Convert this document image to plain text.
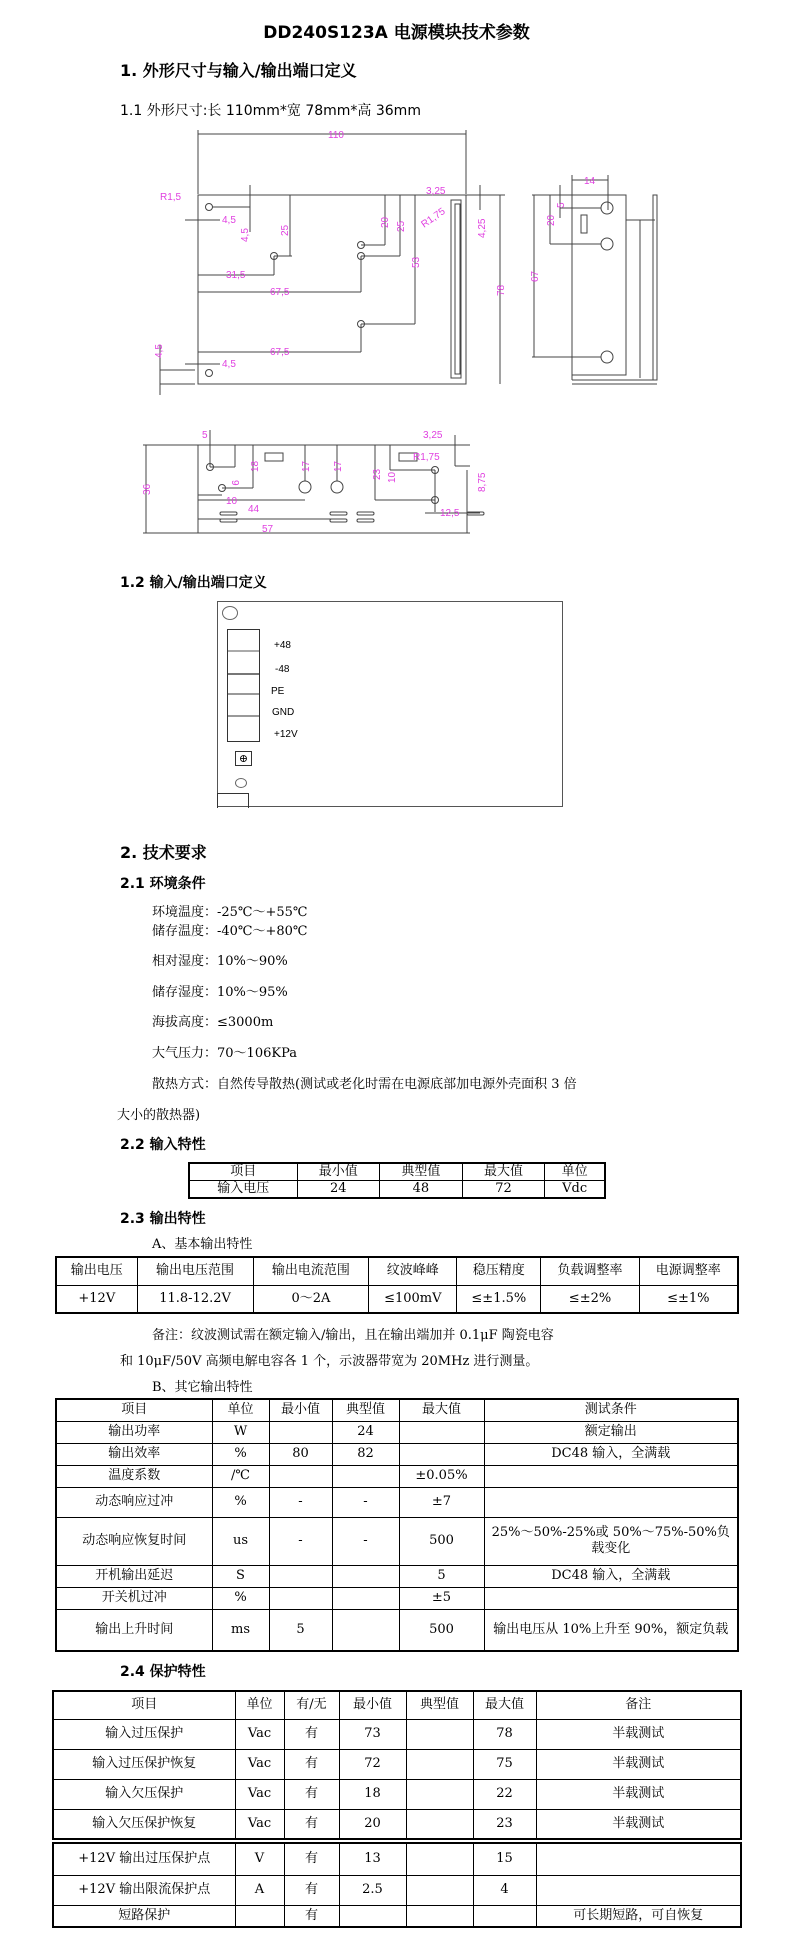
DD240S123A 电源模块技术参数
1. 外形尺寸与输入/输出端口定义
1.1 外形尺寸:长 110mm*宽 78mm*高 36mm
110
R1,5
4,5
4,5	25
31,5
67,5
67,5
4,5
4,5
20 25
53
3,25
R1,75	4,25
78
14
5
20
67
5
36
9
18
10
44
57
17 17
23 10
3,25
R1,75
8,75
12,5
1.2 输入/输出端口定义
+48
-48
PE
GND
+12V
⊕
2. 技术要求
2.1 环境条件
环境温度：-25℃～+55℃
储存温度：-40℃～+80℃
相对湿度：10%～90%
储存湿度：10%～95%
海拔高度：≤3000m
大气压力：70～106KPa
散热方式：自然传导散热(测试或老化时需在电源底部加电源外壳面积 3 倍
大小的散热器)
2.2 输入特性
项目	最小值	典型值	最大值	单位
输入电压	24	48	72	Vdc
2.3 输出特性
A、基本输出特性
输出电压	输出电压范围	输出电流范围	纹波峰峰	稳压精度	负载调整率	电源调整率
+12V	11.8-12.2V	0～2A	≤100mV	≤±1.5%	≤±2%	≤±1%
备注：纹波测试需在额定输入/输出，且在输出端加并 0.1μF 陶瓷电容
和 10μF/50V 高频电解电容各 1 个，示波器带宽为 20MHz 进行测量。
B、其它输出特性
项目	单位	最小值	典型值	最大值	测试条件
输出功率	W		24		额定输出
输出效率	%	80	82		DC48 输入，全满载
温度系数	/℃			±0.05%	
动态响应过冲	%	-	-	±7	
动态响应恢复时间	us	-	-	500	25%～50%-25%或 50%～75%-50%负载变化
开机输出延迟	S			5	DC48 输入，全满载
开关机过冲	%			±5	
输出上升时间	ms	5		500	输出电压从 10%上升至 90%，额定负载
2.4 保护特性
项目	单位	有/无	最小值	典型值	最大值	备注
输入过压保护	Vac	有	73		78	半载测试
输入过压保护恢复	Vac	有	72		75	半载测试
输入欠压保护	Vac	有	18		22	半载测试
输入欠压保护恢复	Vac	有	20		23	半载测试
+12V 输出过压保护点	V	有	13		15	
+12V 输出限流保护点	A	有	2.5		4	
短路保护		有				可长期短路，可自恢复
